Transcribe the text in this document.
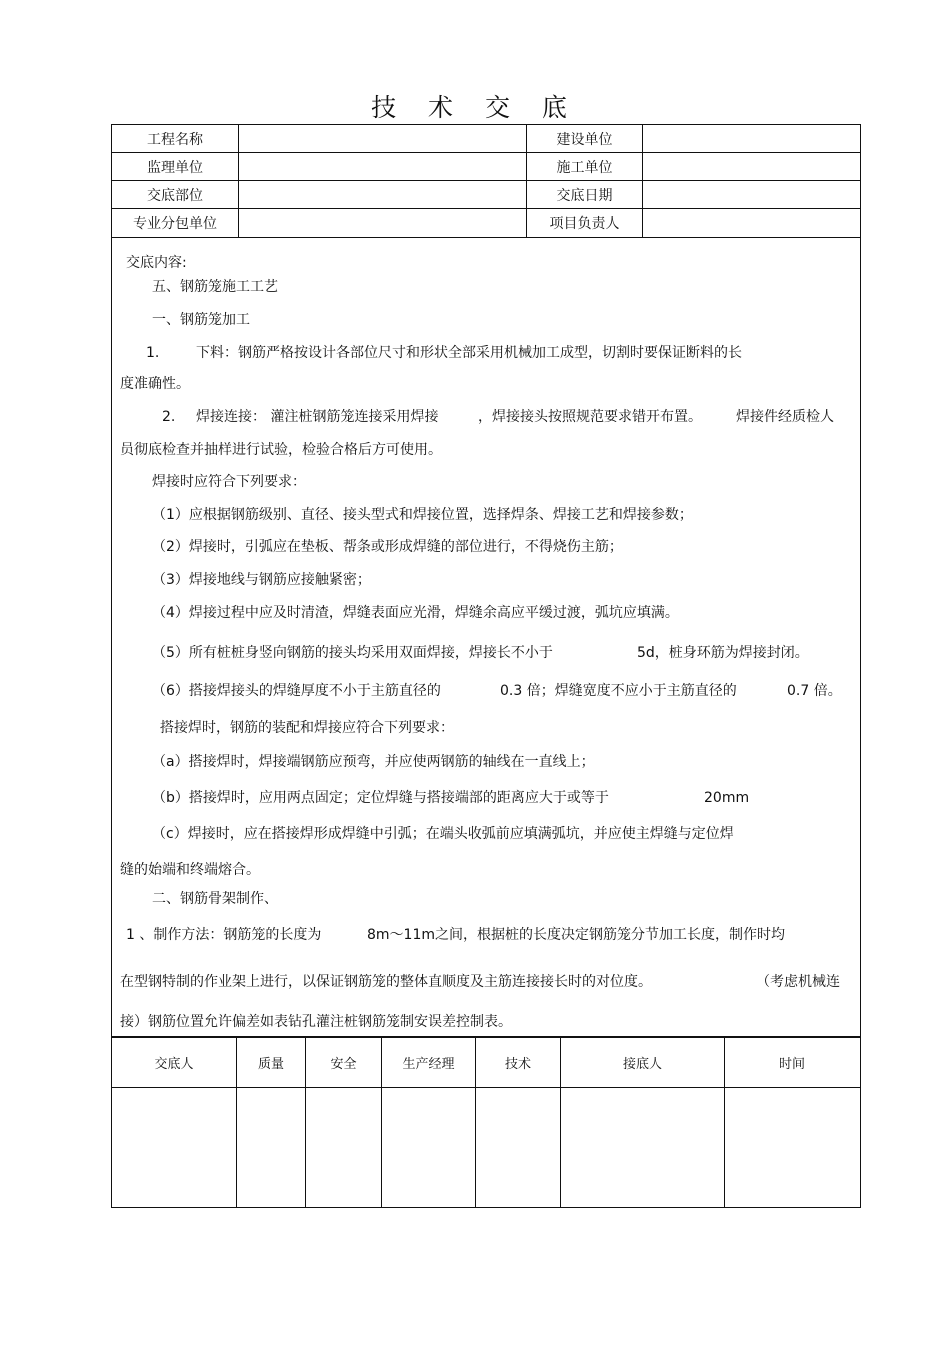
技 术 交 底
工程名称	建设单位
监理单位	施工单位
交底部位	交底日期
专业分包单位	项目负责人
交底内容:
五、钢筋笼施工工艺
一、钢筋笼加工
1.	下料：钢筋严格按设计各部位尺寸和形状全部采用机械加工成型，切割时要保证断料的长
度准确性。
2. 焊接连接： 灌注桩钢筋笼连接采用焊接	，焊接接头按照规范要求错开布置。 焊接件经质检人
员彻底检查并抽样进行试验，检验合格后方可使用。
焊接时应符合下列要求：
（1）应根据钢筋级别、直径、接头型式和焊接位置，选择焊条、焊接工艺和焊接参数；
（2）焊接时，引弧应在垫板、帮条或形成焊缝的部位进行，不得烧伤主筋；
（3）焊接地线与钢筋应接触紧密；
（4）焊接过程中应及时清渣，焊缝表面应光滑，焊缝余高应平缓过渡，弧坑应填满。
（5）所有桩桩身竖向钢筋的接头均采用双面焊接，焊接长不小于	5d，桩身环筋为焊接封闭。
（6）搭接焊接头的焊缝厚度不小于主筋直径的	0.3 倍；焊缝宽度不应小于主筋直径的	0.7 倍。
搭接焊时，钢筋的装配和焊接应符合下列要求：
（a）搭接焊时，焊接端钢筋应预弯，并应使两钢筋的轴线在一直线上；
（b）搭接焊时，应用两点固定；定位焊缝与搭接端部的距离应大于或等于	20mm
（c）焊接时，应在搭接焊形成焊缝中引弧；在端头收弧前应填满弧坑，并应使主焊缝与定位焊
缝的始端和终端熔合。
二、钢筋骨架制作、
1 、制作方法：钢筋笼的长度为	8m～11m之间，根据桩的长度决定钢筋笼分节加工长度，制作时均
在型钢特制的作业架上进行，以保证钢筋笼的整体直顺度及主筋连接接长时的对位度。	（考虑机械连
接）钢筋位置允许偏差如表钻孔灌注桩钢筋笼制安误差控制表。
交底人	质量	安全	生产经理	技术	接底人	时间
